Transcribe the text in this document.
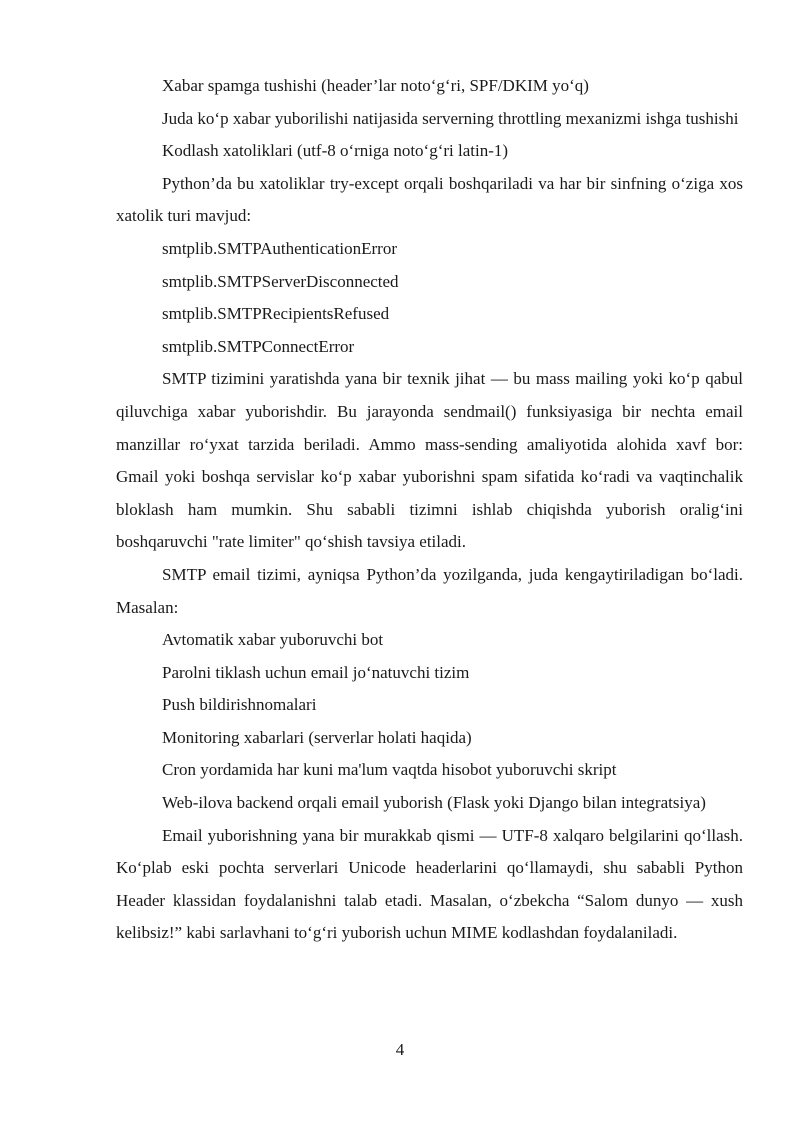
Xabar spamga tushishi (header’lar noto‘g‘ri, SPF/DKIM yo‘q)

Juda ko‘p xabar yuborilishi natijasida serverning throttling mexanizmi ishga tushishi

Kodlash xatoliklari (utf-8 o‘rniga noto‘g‘ri latin-1)

Python’da bu xatoliklar try-except orqali boshqariladi va har bir sinfning o‘ziga xos xatolik turi mavjud:

smtplib.SMTPAuthenticationError

smtplib.SMTPServerDisconnected

smtplib.SMTPRecipientsRefused

smtplib.SMTPConnectError

SMTP tizimini yaratishda yana bir texnik jihat — bu mass mailing yoki ko‘p qabul qiluvchiga xabar yuborishdir. Bu jarayonda sendmail() funksiyasiga bir nechta email manzillar ro‘yxat tarzida beriladi. Ammo mass-sending amaliyotida alohida xavf bor: Gmail yoki boshqa servislar ko‘p xabar yuborishni spam sifatida ko‘radi va vaqtinchalik bloklash ham mumkin. Shu sababli tizimni ishlab chiqishda yuborish oralig‘ini boshqaruvchi "rate limiter" qo‘shish tavsiya etiladi.

SMTP email tizimi, ayniqsa Python’da yozilganda, juda kengaytiriladigan bo‘ladi. Masalan:

Avtomatik xabar yuboruvchi bot

Parolni tiklash uchun email jo‘natuvchi tizim

Push bildirishnomalari

Monitoring xabarlari (serverlar holati haqida)

Cron yordamida har kuni ma'lum vaqtda hisobot yuboruvchi skript

Web-ilova backend orqali email yuborish (Flask yoki Django bilan integratsiya)

Email yuborishning yana bir murakkab qismi — UTF-8 xalqaro belgilarini qo‘llash. Ko‘plab eski pochta serverlari Unicode headerlarini qo‘llamaydi, shu sababli Python Header klassidan foydalanishni talab etadi. Masalan, o‘zbekcha “Salom dunyo — xush kelibsiz!” kabi sarlavhani to‘g‘ri yuborish uchun MIME kodlashdan foydalaniladi.

4
